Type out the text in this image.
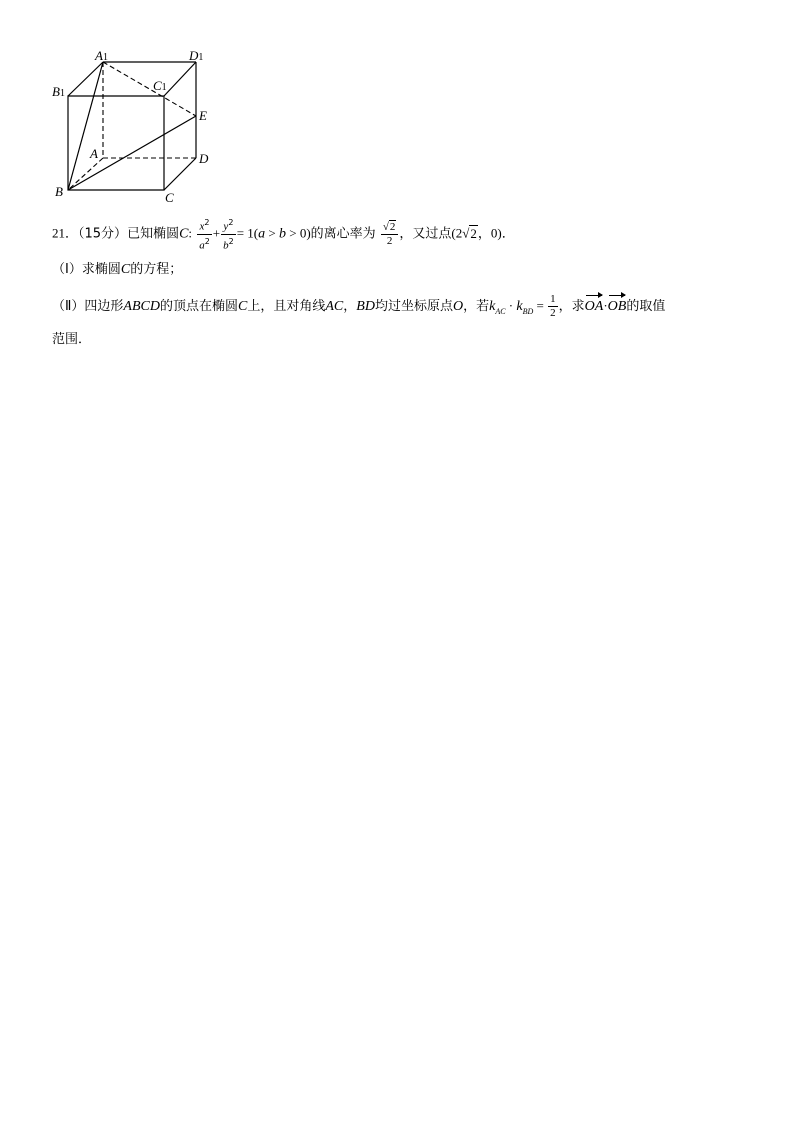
A1	D1
B1
C1
E
A	D
B	C
21．（15分）已知椭圆C: $\frac{x^2}{a^2} + \frac{y^2}{b^2} = 1(a > b > 0)$的离心率为 $\frac{√2}{2}$ ，又过点(2√2，0)．
（Ⅰ）求椭圆C的方程；
（Ⅱ）四边形ABCD的顶点在椭圆C上，且对角线AC，BD均过坐标原点O，若$k_{AC} \cdot k_{BD} = \frac{1}{2}$ ，求OA·OB的取值
范围．
